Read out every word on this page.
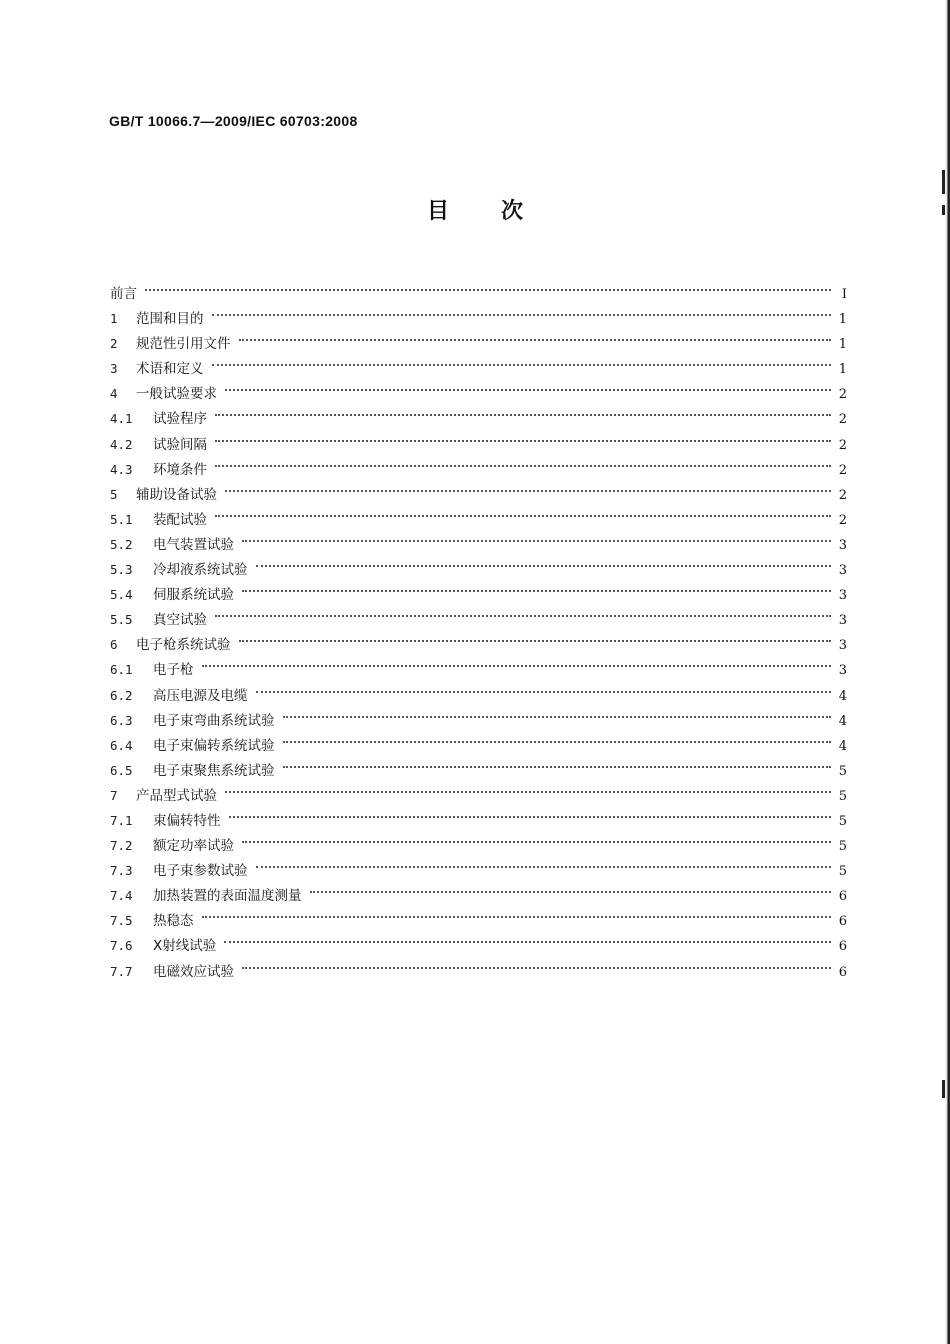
GB/T 10066.7—2009/IEC 60703:2008
目次
前言	Ⅰ
1	范围和目的	1
2	规范性引用文件	1
3	术语和定义	1
4	一般试验要求	2
4.1	试验程序	2
4.2	试验间隔	2
4.3	环境条件	2
5	辅助设备试验	2
5.1	装配试验	2
5.2	电气装置试验	3
5.3	冷却液系统试验	3
5.4	伺服系统试验	3
5.5	真空试验	3
6	电子枪系统试验	3
6.1	电子枪	3
6.2	高压电源及电缆	4
6.3	电子束弯曲系统试验	4
6.4	电子束偏转系统试验	4
6.5	电子束聚焦系统试验	5
7	产品型式试验	5
7.1	束偏转特性	5
7.2	额定功率试验	5
7.3	电子束参数试验	5
7.4	加热装置的表面温度测量	6
7.5	热稳态	6
7.6	X射线试验	6
7.7	电磁效应试验	6
